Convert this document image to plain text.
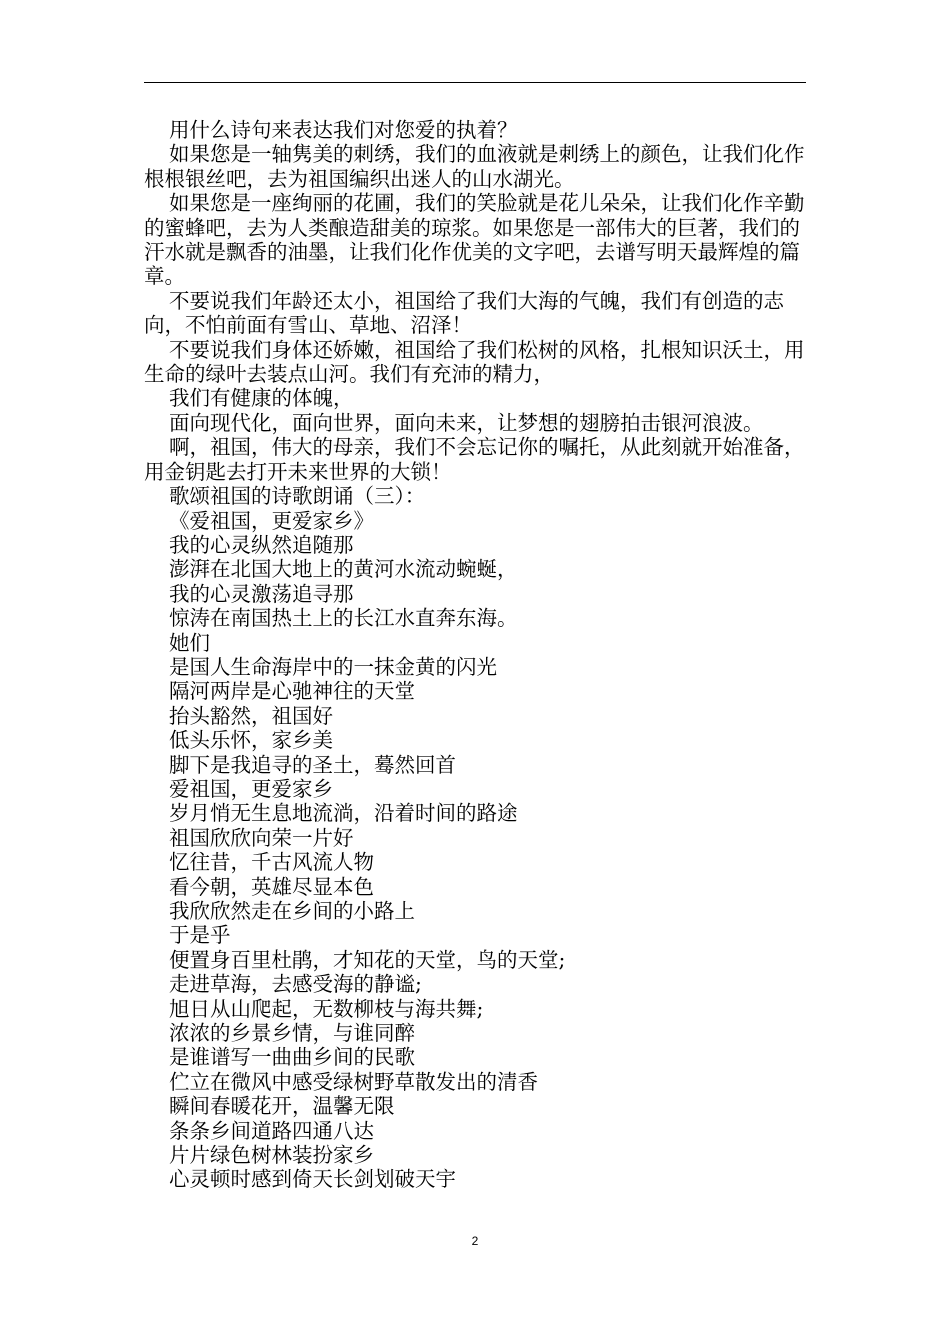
用什么诗句来表达我们对您爱的执着？

如果您是一轴隽美的刺绣，我们的血液就是刺绣上的颜色，让我们化作根根银丝吧，去为祖国编织出迷人的山水湖光。

如果您是一座绚丽的花圃，我们的笑脸就是花儿朵朵，让我们化作辛勤的蜜蜂吧，去为人类酿造甜美的琼浆。如果您是一部伟大的巨著，我们的汗水就是飘香的油墨，让我们化作优美的文字吧，去谱写明天最辉煌的篇章。

不要说我们年龄还太小，祖国给了我们大海的气魄，我们有创造的志向，不怕前面有雪山、草地、沼泽！

不要说我们身体还娇嫩，祖国给了我们松树的风格，扎根知识沃土，用生命的绿叶去装点山河。我们有充沛的精力，

我们有健康的体魄，

面向现代化，面向世界，面向未来，让梦想的翅膀拍击银河浪波。

啊，祖国，伟大的母亲，我们不会忘记你的嘱托，从此刻就开始准备，用金钥匙去打开未来世界的大锁！

歌颂祖国的诗歌朗诵（三）：

《爱祖国，更爱家乡》

我的心灵纵然追随那

澎湃在北国大地上的黄河水流动蜿蜒，

我的心灵激荡追寻那

惊涛在南国热土上的长江水直奔东海。

她们

是国人生命海岸中的一抹金黄的闪光

隔河两岸是心驰神往的天堂

抬头豁然，祖国好

低头乐怀，家乡美

脚下是我追寻的圣土，蓦然回首

爱祖国，更爱家乡

岁月悄无生息地流淌，沿着时间的路途

祖国欣欣向荣一片好

忆往昔，千古风流人物

看今朝，英雄尽显本色

我欣欣然走在乡间的小路上

于是乎

便置身百里杜鹃，才知花的天堂，鸟的天堂;

走进草海，去感受海的静谧;

旭日从山爬起，无数柳枝与海共舞;

浓浓的乡景乡情，与谁同醉

是谁谱写一曲曲乡间的民歌

伫立在微风中感受绿树野草散发出的清香

瞬间春暖花开，温馨无限

条条乡间道路四通八达

片片绿色树林装扮家乡

心灵顿时感到倚天长剑划破天宇

2
